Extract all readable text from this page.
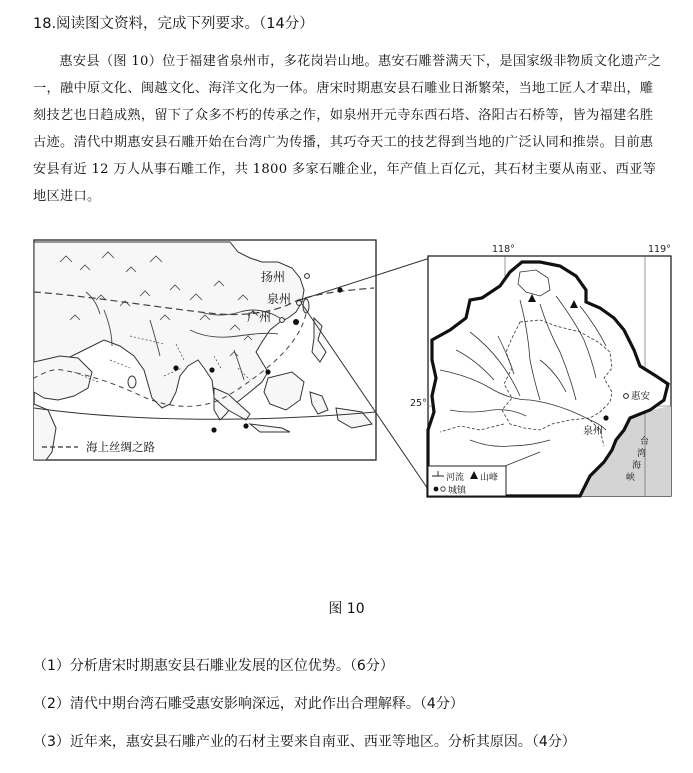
18.阅读图文资料，完成下列要求。（14分）
惠安县（图 10）位于福建省泉州市，多花岗岩山地。惠安石雕誉满天下，是国家级非物质文化遗产之一，融中原文化、闽越文化、海洋文化为一体。唐宋时期惠安县石雕业日渐繁荣，当地工匠人才辈出，雕刻技艺也日趋成熟，留下了众多不朽的传承之作，如泉州开元寺东西石塔、洛阳古石桥等，皆为福建名胜古迹。清代中期惠安县石雕开始在台湾广为传播，其巧夺天工的技艺得到当地的广泛认同和推崇。目前惠安县有近 12 万人从事石雕工作，共 1800 多家石雕企业，年产值上百亿元，其石材主要从南亚、西亚等地区进口。
扬州
泉州
广州
海上丝绸之路
118°	119°
25°
惠安
泉州
台
湾
海
峡
河流 山峰
城镇
图 10
（1）分析唐宋时期惠安县石雕业发展的区位优势。（6分）
（2）清代中期台湾石雕受惠安影响深远，对此作出合理解释。（4分）
（3）近年来，惠安县石雕产业的石材主要来自南亚、西亚等地区。分析其原因。（4分）
